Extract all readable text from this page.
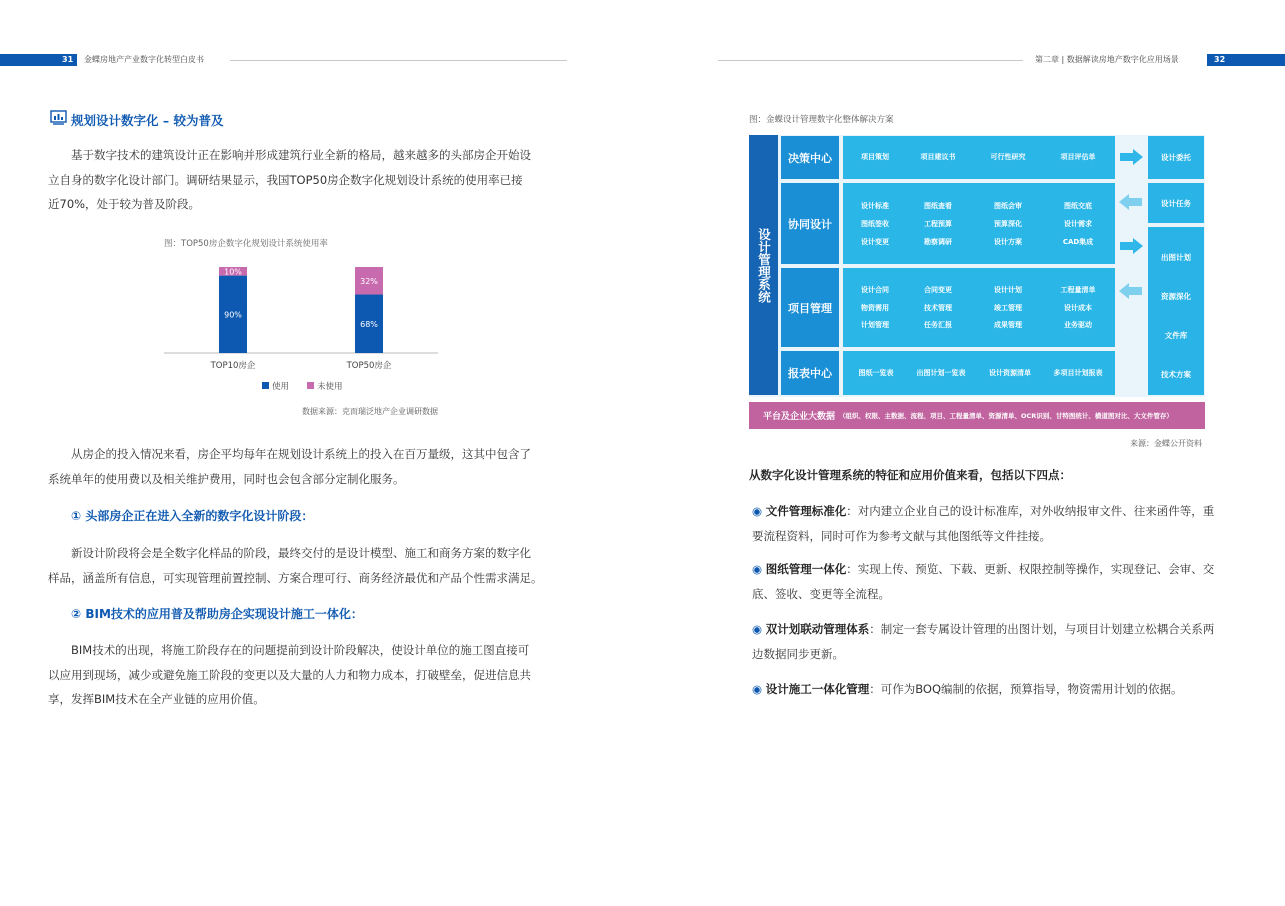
31 金蝶房地产产业数字化转型白皮书	第二章 | 数据解读房地产数字化应用场景	32
规划设计数字化 – 较为普及
基于数字技术的建筑设计正在影响并形成建筑行业全新的格局，越来越多的头部房企开始设
立自身的数字化设计部门。调研结果显示，我国TOP50房企数字化规划设计系统的使用率已接
近70%，处于较为普及阶段。
图：TOP50房企数字化规划设计系统使用率
90%
10%
68%
32%
TOP10房企	TOP50房企
使用	未使用
数据来源：克而瑞泛地产企业调研数据
从房企的投入情况来看，房企平均每年在规划设计系统上的投入在百万量级，这其中包含了
系统单年的使用费以及相关维护费用，同时也会包含部分定制化服务。
① 头部房企正在进入全新的数字化设计阶段：
新设计阶段将会是全数字化样品的阶段，最终交付的是设计模型、施工和商务方案的数字化
样品，涵盖所有信息，可实现管理前置控制、方案合理可行、商务经济最优和产品个性需求满足。
② BIM技术的应用普及帮助房企实现设计施工一体化：
BIM技术的出现，将施工阶段存在的问题提前到设计阶段解决，使设计单位的施工图直接可
以应用到现场，减少或避免施工阶段的变更以及大量的人力和物力成本，打破壁垒，促进信息共
享，发挥BIM技术在全产业链的应用价值。
图：金蝶设计管理数字化整体解决方案
设计管理系统
决策中心	项目策划	项目建议书	可行性研究	项目评估单
协同设计
设计标准	图纸查看	图纸会审	图纸交底
图纸签收	工程预算	预算深化	设计需求
设计变更	勘察调研	设计方案	CAD集成
项目管理
设计合同	合同变更	设计计划	工程量清单
物资需用	技术管理	竣工管理	设计成本
计划管理	任务汇报	成果管理	业务驱动
报表中心	图纸一览表	出图计划一览表	设计资源清单	多项目计划报表
设计委托
设计任务
出图计划
资源深化
文件库
技术方案
平台及企业大数据 （组织、权限、主数据、流程、项目、工程量清单、资源清单、OCR识别、甘特图统计、横道图对比、大文件管存）
来源：金蝶公开资料
从数字化设计管理系统的特征和应用价值来看，包括以下四点：
◉ 文件管理标准化：对内建立企业自己的设计标准库，对外收纳报审文件、往来函件等，重
要流程资料，同时可作为参考文献与其他图纸等文件挂接。
◉ 图纸管理一体化：实现上传、预览、下载、更新、权限控制等操作，实现登记、会审、交
底、签收、变更等全流程。
◉ 双计划联动管理体系：制定一套专属设计管理的出图计划，与项目计划建立松耦合关系两
边数据同步更新。
◉ 设计施工一体化管理：可作为BOQ编制的依据，预算指导，物资需用计划的依据。
